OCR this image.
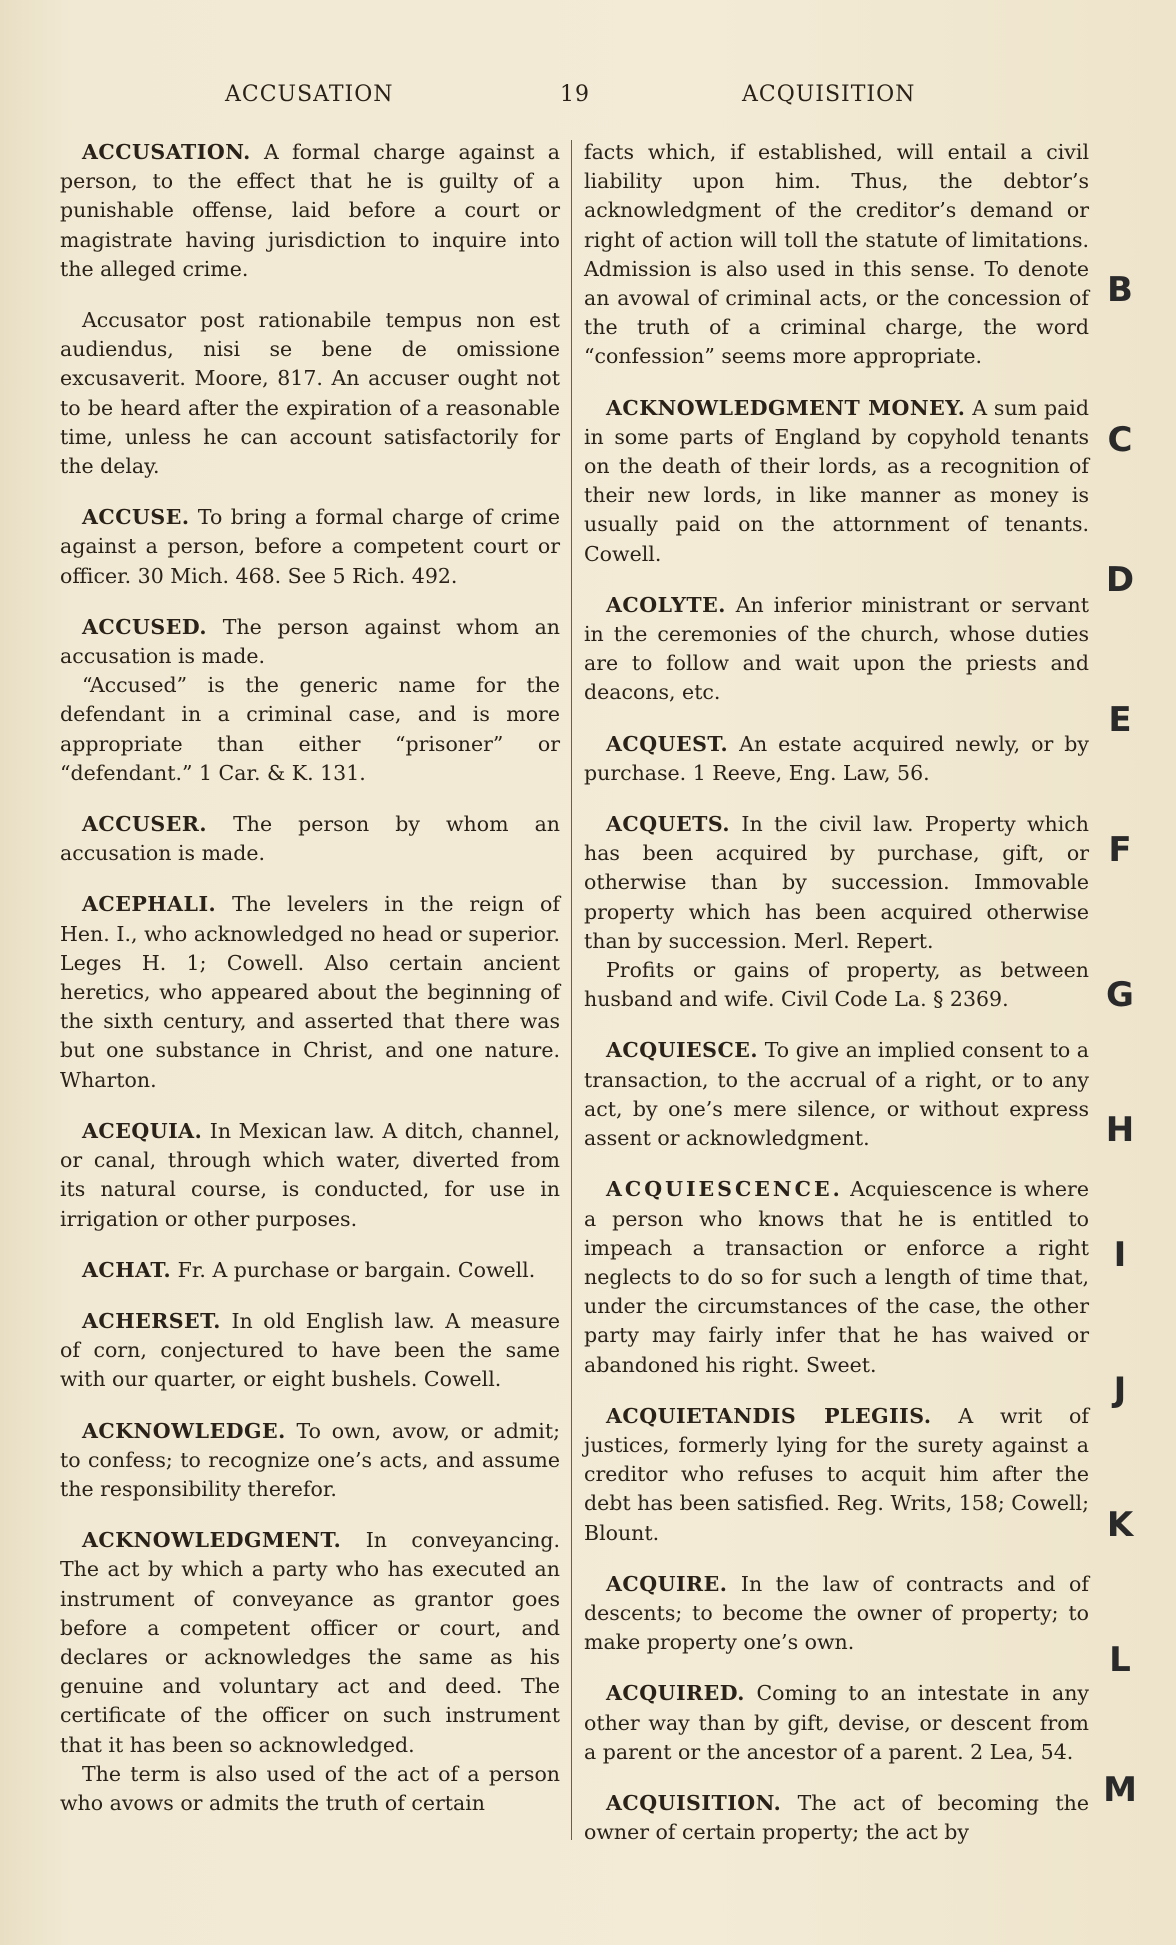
ACCUSATION	19	ACQUISITION

ACCUSATION. A formal charge against a person, to the effect that he is guilty of a punishable offense, laid before a court or magistrate having jurisdiction to inquire into the alleged crime.

Accusator post rationabile tempus non est audiendus, nisi se bene de omissione excusaverit. Moore, 817. An accuser ought not to be heard after the expiration of a reasonable time, unless he can account satisfactorily for the delay.

ACCUSE. To bring a formal charge of crime against a person, before a competent court or officer. 30 Mich. 468. See 5 Rich. 492.

ACCUSED. The person against whom an accusation is made.

“Accused” is the generic name for the defendant in a criminal case, and is more appropriate than either “prisoner” or “defendant.” 1 Car. & K. 131.

ACCUSER. The person by whom an accusation is made.

ACEPHALI. The levelers in the reign of Hen. I., who acknowledged no head or superior. Leges H. 1; Cowell. Also certain ancient heretics, who appeared about the beginning of the sixth century, and asserted that there was but one substance in Christ, and one nature. Wharton.

ACEQUIA. In Mexican law. A ditch, channel, or canal, through which water, diverted from its natural course, is conducted, for use in irrigation or other purposes.

ACHAT. Fr. A purchase or bargain. Cowell.

ACHERSET. In old English law. A measure of corn, conjectured to have been the same with our quarter, or eight bushels. Cowell.

ACKNOWLEDGE. To own, avow, or admit; to confess; to recognize one’s acts, and assume the responsibility therefor.

ACKNOWLEDGMENT. In conveyancing. The act by which a party who has executed an instrument of conveyance as grantor goes before a competent officer or court, and declares or acknowledges the same as his genuine and voluntary act and deed. The certificate of the officer on such instrument that it has been so acknowledged.

The term is also used of the act of a person who avows or admits the truth of certain

facts which, if established, will entail a civil liability upon him. Thus, the debtor’s acknowledgment of the creditor’s demand or right of action will toll the statute of limitations. Admission is also used in this sense. To denote an avowal of criminal acts, or the concession of the truth of a criminal charge, the word “confession” seems more appropriate.

ACKNOWLEDGMENT MONEY. A sum paid in some parts of England by copyhold tenants on the death of their lords, as a recognition of their new lords, in like manner as money is usually paid on the attornment of tenants. Cowell.

ACOLYTE. An inferior ministrant or servant in the ceremonies of the church, whose duties are to follow and wait upon the priests and deacons, etc.

ACQUEST. An estate acquired newly, or by purchase. 1 Reeve, Eng. Law, 56.

ACQUETS. In the civil law. Property which has been acquired by purchase, gift, or otherwise than by succession. Immovable property which has been acquired otherwise than by succession. Merl. Repert.

Profits or gains of property, as between husband and wife. Civil Code La. § 2369.

ACQUIESCE. To give an implied consent to a transaction, to the accrual of a right, or to any act, by one’s mere silence, or without express assent or acknowledgment.

ACQUIESCENCE. Acquiescence is where a person who knows that he is entitled to impeach a transaction or enforce a right neglects to do so for such a length of time that, under the circumstances of the case, the other party may fairly infer that he has waived or abandoned his right. Sweet.

ACQUIETANDIS PLEGIIS. A writ of justices, formerly lying for the surety against a creditor who refuses to acquit him after the debt has been satisfied. Reg. Writs, 158; Cowell; Blount.

ACQUIRE. In the law of contracts and of descents; to become the owner of property; to make property one’s own.

ACQUIRED. Coming to an intestate in any other way than by gift, devise, or descent from a parent or the ancestor of a parent. 2 Lea, 54.

ACQUISITION. The act of becoming the owner of certain property; the act by

B
C
D
E
F
G
H
I
J
K
L
M
